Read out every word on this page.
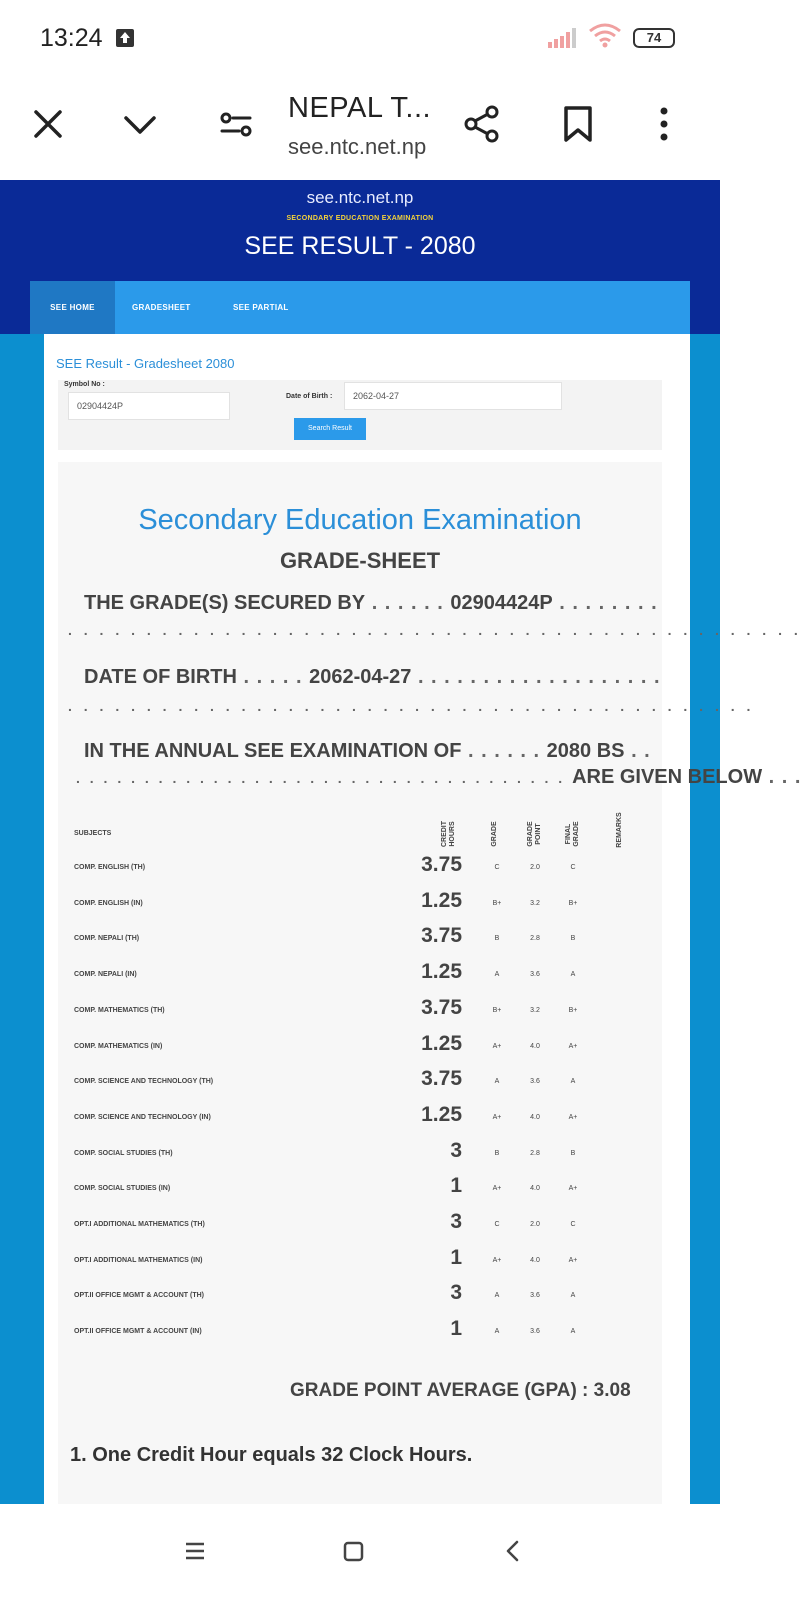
13:24	74
NEPAL T...
see.ntc.net.np
see.ntc.net.np
SECONDARY EDUCATION EXAMINATION
SEE RESULT - 2080
SEE HOME	GRADESHEET	SEE PARTIAL
SEE Result - Gradesheet 2080
Symbol No :
02904424P
Date of Birth :	2062-04-27
Search Result
Secondary Education Examination
GRADE-SHEET
THE GRADE(S) SECURED BY . . . . . . 02904424P . . . . . . . .
. . . . . . . . . . . . . . . . . . . . . . . . . . . . . . . . . . . . . . . . . . . . . . .
DATE OF BIRTH . . . . . 2062-04-27 . . . . . . . . . . . . . . . . . . .
. . . . . . . . . . . . . . . . . . . . . . . . . . . . . . . . . . . . . . . . . . . .
IN THE ANNUAL SEE EXAMINATION OF . . . . . . 2080 BS . .
. . . . . . . . . . . . . . . . . . . . . . . . . . . . . . . . . . . . ARE GIVEN BELOW . . .
SUBJECTS	CREDIT HOURS	GRADE	GRADE POINT	FINAL GRADE	REMARKS
COMP. ENGLISH (TH)	3.75	C	2.0	C
COMP. ENGLISH (IN)	1.25	B+	3.2	B+
COMP. NEPALI (TH)	3.75	B	2.8	B
COMP. NEPALI (IN)	1.25	A	3.6	A
COMP. MATHEMATICS (TH)	3.75	B+	3.2	B+
COMP. MATHEMATICS (IN)	1.25	A+	4.0	A+
COMP. SCIENCE AND TECHNOLOGY (TH)	3.75	A	3.6	A
COMP. SCIENCE AND TECHNOLOGY (IN)	1.25	A+	4.0	A+
COMP. SOCIAL STUDIES (TH)	3	B	2.8	B
COMP. SOCIAL STUDIES (IN)	1	A+	4.0	A+
OPT.I ADDITIONAL MATHEMATICS (TH)	3	C	2.0	C
OPT.I ADDITIONAL MATHEMATICS (IN)	1	A+	4.0	A+
OPT.II OFFICE MGMT & ACCOUNT (TH)	3	A	3.6	A
OPT.II OFFICE MGMT & ACCOUNT (IN)	1	A	3.6	A
GRADE POINT AVERAGE (GPA) : 3.08
1. One Credit Hour equals 32 Clock Hours.
